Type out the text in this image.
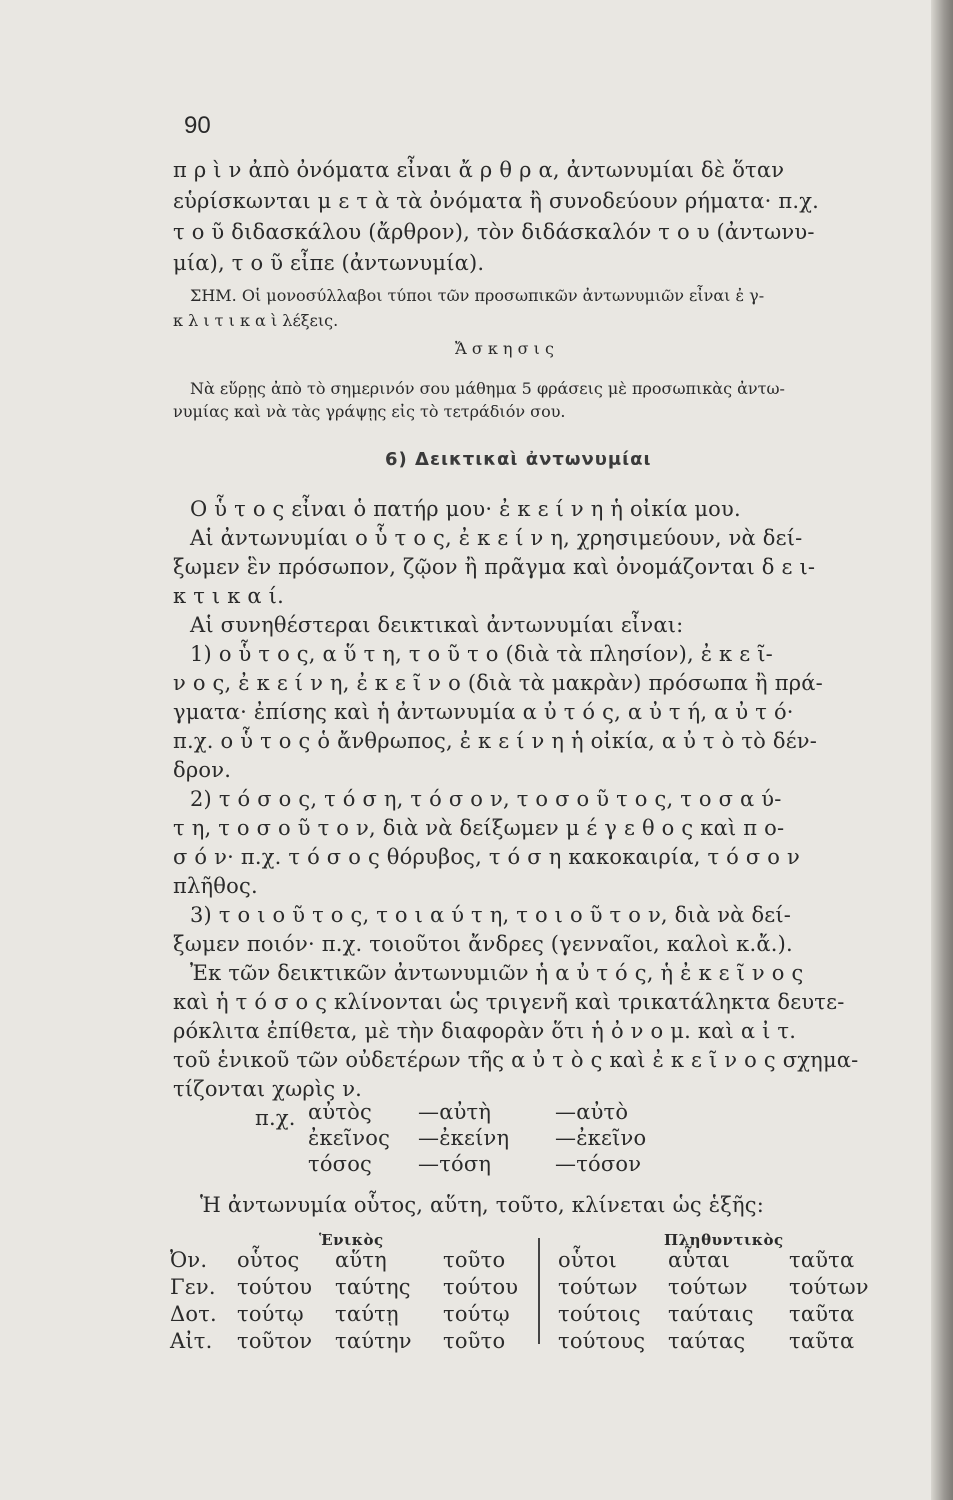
90
π ρ ὶ ν ἀπὸ ὀνόματα εἶναι ἄ ρ θ ρ α, ἀντωνυμίαι δὲ ὅταν
εὑρίσκωνται μ ε τ ὰ τὰ ὀνόματα ἢ συνοδεύουν ρήματα· π.χ.
τ ο ῦ διδασκάλου (ἄρθρον), τὸν διδάσκαλόν τ ο υ (ἀντωνυ-
μία), τ ο ῦ εἶπε (ἀντωνυμία).
ΣΗΜ. Οἱ μονοσύλλαβοι τύποι τῶν προσωπικῶν ἀντωνυμιῶν εἶναι ἐ γ-
κ λ ι τ ι κ α ὶ λέξεις.
Ἄ σ κ η σ ι ς
Νὰ εὕρῃς ἀπὸ τὸ σημερινόν σου μάθημα 5 φράσεις μὲ προσωπικὰς ἀντω-
νυμίας καὶ νὰ τὰς γράψῃς εἰς τὸ τετράδιόν σου.
6) Δεικτικαὶ ἀντωνυμίαι
Ο ὗ τ ο ς εἶναι ὁ πατήρ μου· ἐ κ ε ί ν η ἡ οἰκία μου.
Αἱ ἀντωνυμίαι ο ὗ τ ο ς, ἐ κ ε ί ν η, χρησιμεύουν, νὰ δεί-
ξωμεν ἓν πρόσωπον, ζῷον ἢ πρᾶγμα καὶ ὀνομάζονται δ ε ι-
κ τ ι κ α ί.
Αἱ συνηθέστεραι δεικτικαὶ ἀντωνυμίαι εἶναι:
1) ο ὗ τ ο ς, α ὕ τ η, τ ο ῦ τ ο (διὰ τὰ πλησίον), ἐ κ ε ῖ-
ν ο ς, ἐ κ ε ί ν η, ἐ κ ε ῖ ν ο (διὰ τὰ μακρὰν) πρόσωπα ἢ πρά-
γματα· ἐπίσης καὶ ἡ ἀντωνυμία α ὐ τ ό ς, α ὐ τ ή, α ὐ τ ό·
π.χ. ο ὗ τ ο ς ὁ ἄνθρωπος, ἐ κ ε ί ν η ἡ οἰκία, α ὐ τ ὸ τὸ δέν-
δρον.
2) τ ό σ ο ς, τ ό σ η, τ ό σ ο ν, τ ο σ ο ῦ τ ο ς, τ ο σ α ύ-
τ η, τ ο σ ο ῦ τ ο ν, διὰ νὰ δείξωμεν μ έ γ ε θ ο ς καὶ π ο-
σ ό ν· π.χ. τ ό σ ο ς θόρυβος, τ ό σ η κακοκαιρία, τ ό σ ο ν
πλῆθος.
3) τ ο ι ο ῦ τ ο ς, τ ο ι α ύ τ η, τ ο ι ο ῦ τ ο ν, διὰ νὰ δεί-
ξωμεν ποιόν· π.χ. τοιοῦτοι ἄνδρες (γενναῖοι, καλοὶ κ.ἄ.).
Ἐκ τῶν δεικτικῶν ἀντωνυμιῶν ἡ α ὐ τ ό ς, ἡ ἐ κ ε ῖ ν ο ς
καὶ ἡ τ ό σ ο ς κλίνονται ὡς τριγενῆ καὶ τρικατάληκτα δευτε-
ρόκλιτα ἐπίθετα, μὲ τὴν διαφορὰν ὅτι ἡ ὀ ν ο μ. καὶ α ἰ τ.
τοῦ ἑνικοῦ τῶν οὐδετέρων τῆς α ὐ τ ὸ ς καὶ ἐ κ ε ῖ ν ο ς σχημα-
τίζονται χωρὶς ν.
π.χ. αὐτὸς —αὐτὴ	—αὐτὸ
ἐκεῖνος —ἐκείνη —ἐκεῖνο
τόσος —τόση	—τόσον
Ἡ ἀντωνυμία οὗτος, αὕτη, τοῦτο, κλίνεται ὡς ἑξῆς:
Ἑνικὸς	Πληθυντικὸς
Ὀν. οὗτος αὕτη	τοῦτο	οὗτοι αὗται	ταῦτα
Γεν. τούτου ταύτης τούτου τούτων τούτων τούτων
Δοτ. τούτῳ ταύτῃ τούτῳ τούτοις ταύταις ταῦτα
Αἰτ. τοῦτον ταύτην τοῦτο	τούτους ταύτας ταῦτα
